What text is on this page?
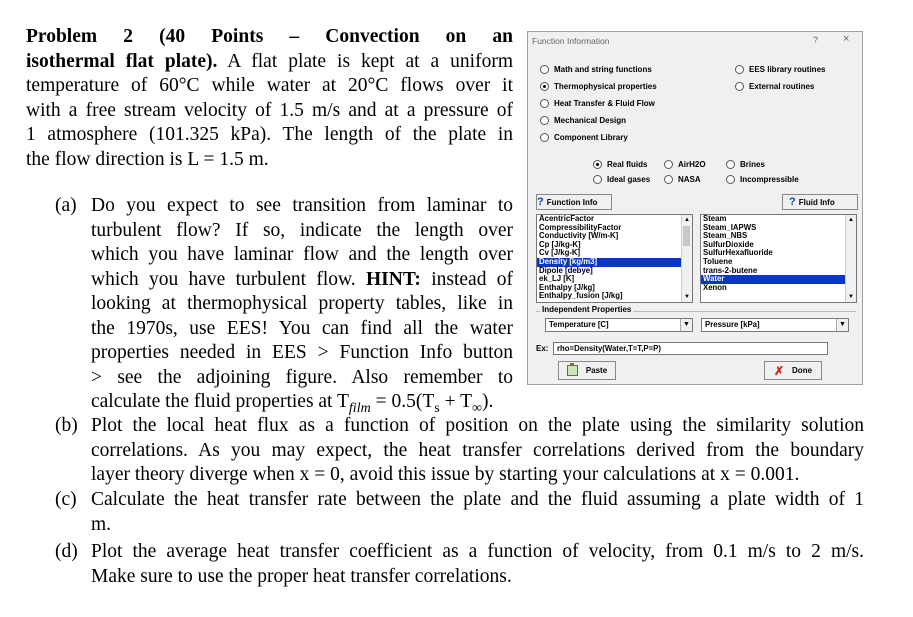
Problem 2 (40 Points – Convection on an
isothermal flat plate). A flat plate is kept at a uniform
temperature of 60°C while water at 20°C flows over it
with a free stream velocity of 1.5 m/s and at a pressure of
1 atmosphere (101.325 kPa). The length of the plate in
the flow direction is L = 1.5 m.
(a) Do you expect to see transition from laminar to
turbulent flow? If so, indicate the length over
which you have laminar flow and the length over
which you have turbulent flow. HINT: instead of
looking at thermophysical property tables, like in
the 1970s, use EES! You can find all the water
properties needed in EES > Function Info button
> see the adjoining figure. Also remember to
calculate the fluid properties at $T_{film} = 0.5(T_s + T_\infty)$.
(b) Plot the local heat flux as a function of position on the plate using the similarity solution
correlations. As you may expect, the heat transfer correlations derived from the boundary
layer theory diverge when x = 0, avoid this issue by starting your calculations at x = 0.001.
(c) Calculate the heat transfer rate between the plate and the fluid assuming a plate width of 1
m.
(d) Plot the average heat transfer coefficient as a function of velocity, from 0.1 m/s to 2 m/s.
Make sure to use the proper heat transfer correlations.
Function Information	? ×
Math and string functions
Thermophysical properties
Heat Transfer & Fluid Flow
Mechanical Design
Component Library
EES library routines
External routines
Real fluids	AirH2O	Brines
Ideal gases	NASA	Incompressible
? Function Info	? Fluid Info
AcentricFactor
CompressibilityFactor
Conductivity [W/m-K]
Cp [J/kg-K]
Cv [J/kg-K]
Density [kg/m3]
Dipole [debye]
ek_LJ [K]
Enthalpy [J/kg]
Enthalpy_fusion [J/kg]
▲
▼
Steam
Steam_IAPWS
Steam_NBS
SulfurDioxide
SulfurHexafluoride
Toluene
trans-2-butene
Water
Xenon
▲
▼
Independent Properties
Temperature [C]	▼	Pressure [kPa]	▼
Ex:	rho=Density(Water,T=T,P=P)
Paste	✗ Done
